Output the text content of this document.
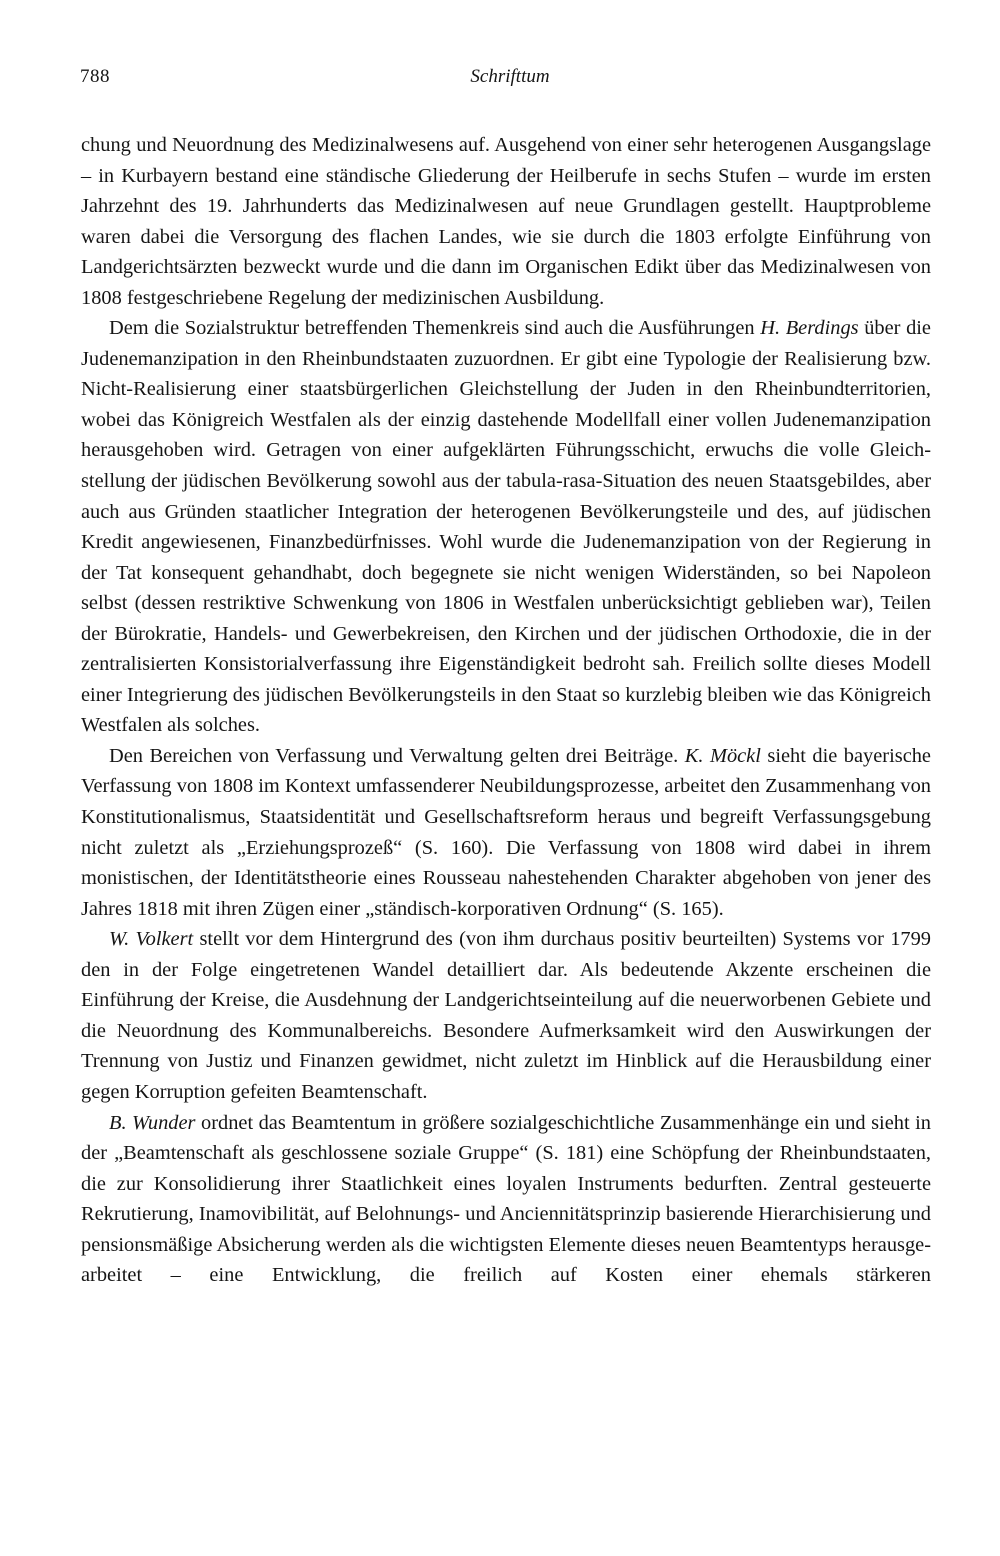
788	Schrifttum

chung und Neuordnung des Medizinalwesens auf. Ausgehend von einer sehr heterogenen Ausgangslage – in Kurbayern bestand eine ständische Gliederung der Heilberufe in sechs Stufen – wurde im ersten Jahrzehnt des 19. Jahrhunderts das Medizinalwesen auf neue Grundlagen gestellt. Hauptprobleme waren dabei die Versorgung des flachen Landes, wie sie durch die 1803 erfolgte Einführung von Landgerichtsärzten bezweckt wurde und die dann im Organischen Edikt über das Medizinalwesen von 1808 festgeschriebene Regelung der medizinischen Ausbildung.

Dem die Sozialstruktur betreffenden Themenkreis sind auch die Ausführungen H. Berdings über die Judenemanzipation in den Rheinbundstaaten zuzuordnen. Er gibt eine Typologie der Realisierung bzw. Nicht-Realisierung einer staatsbürgerlichen Gleichstellung der Juden in den Rheinbundterritorien, wobei das Königreich Westfalen als der einzig dastehende Modellfall einer vollen Judenemanzipation herausgehoben wird. Getragen von einer aufgeklärten Führungsschicht, erwuchs die volle Gleichstellung der jüdischen Bevölkerung sowohl aus der tabula-rasa-Situation des neuen Staatsgebildes, aber auch aus Gründen staatlicher Integration der heterogenen Bevölkerungsteile und des, auf jüdischen Kredit angewiesenen, Finanzbedürfnisses. Wohl wurde die Judenemanzipation von der Regierung in der Tat konsequent gehandhabt, doch begegnete sie nicht wenigen Widerständen, so bei Napoleon selbst (dessen restriktive Schwenkung von 1806 in Westfalen unberücksichtigt geblieben war), Teilen der Bürokratie, Handels- und Gewerbekreisen, den Kirchen und der jüdischen Orthodoxie, die in der zentralisierten Konsistorialverfassung ihre Eigenständigkeit bedroht sah. Freilich sollte dieses Modell einer Integrierung des jüdischen Bevölkerungsteils in den Staat so kurzlebig bleiben wie das Königreich Westfalen als solches.

Den Bereichen von Verfassung und Verwaltung gelten drei Beiträge. K. Möckl sieht die bayerische Verfassung von 1808 im Kontext umfassenderer Neubildungsprozesse, arbeitet den Zusammenhang von Konstitutionalismus, Staatsidentität und Gesellschaftsreform heraus und begreift Verfassungsgebung nicht zuletzt als „Erziehungsprozeß“ (S. 160). Die Verfassung von 1808 wird dabei in ihrem monistischen, der Identitätstheorie eines Rousseau nahestehenden Charakter abgehoben von jener des Jahres 1818 mit ihren Zügen einer „ständisch-korporativen Ordnung“ (S. 165).

W. Volkert stellt vor dem Hintergrund des (von ihm durchaus positiv beurteilten) Systems vor 1799 den in der Folge eingetretenen Wandel detailliert dar. Als bedeutende Akzente erscheinen die Einführung der Kreise, die Ausdehnung der Landgerichtseinteilung auf die neuerworbenen Gebiete und die Neuordnung des Kommunalbereichs. Besondere Aufmerksamkeit wird den Auswirkungen der Trennung von Justiz und Finanzen gewidmet, nicht zuletzt im Hinblick auf die Herausbildung einer gegen Korruption gefeiten Beamtenschaft.

B. Wunder ordnet das Beamtentum in größere sozialgeschichtliche Zusammenhänge ein und sieht in der „Beamtenschaft als geschlossene soziale Gruppe“ (S. 181) eine Schöpfung der Rheinbundstaaten, die zur Konsolidierung ihrer Staatlichkeit eines loyalen Instruments bedurften. Zentral gesteuerte Rekrutierung, Inamovibilität, auf Belohnungs- und Anciennitätsprinzip basierende Hierarchisierung und pensionsmäßige Absicherung werden als die wichtigsten Elemente dieses neuen Beamtentyps herausgearbeitet – eine Entwicklung, die freilich auf Kosten einer ehemals stärkeren
